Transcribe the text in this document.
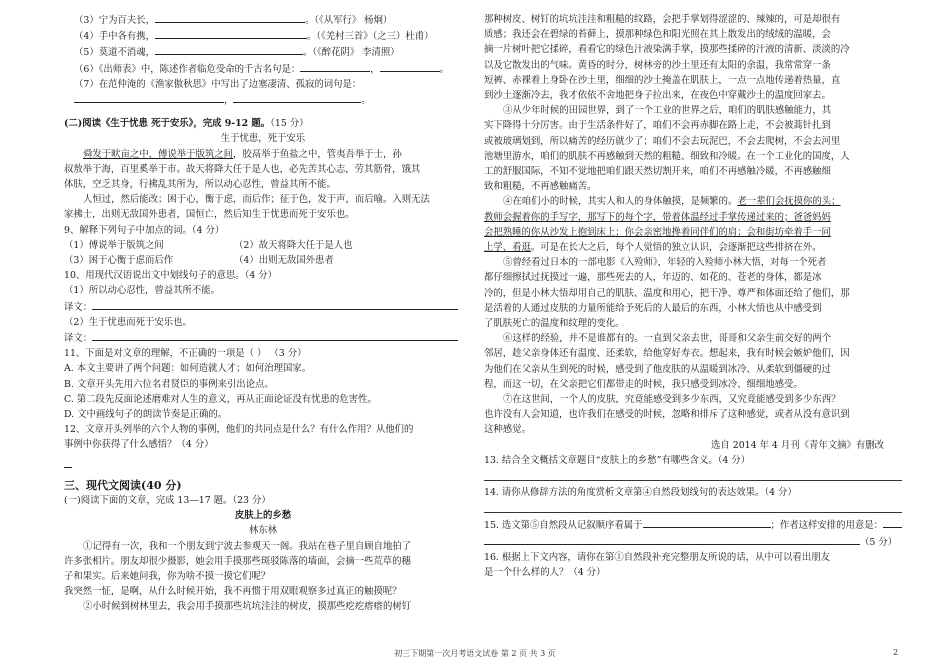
（3）宁为百夫长，	。（《从军行》 杨炯）
（4）手中各有携，	。（《羌村三首》（之三）杜甫）
（5）莫道不消魂，	。（《醉花阴》 李清照）
（6）《出师表》中，陈述作者临危受命的千古名句是：	，	。
（7）在范仲淹的《渔家傲秋思》中写出了边塞凄清、孤寂的词句是：
，	。
(二)阅读《生于忧患 死于安乐》，完成 9-12 题。（15 分）
生于忧患，死于安乐
舜发于畎亩之中，傅说举于版筑之间，胶鬲举于鱼盐之中，管夷吾举于士，孙
叔敖举于海，百里奚举于市。故天将降大任于是人也，必先苦其心志，劳其筋骨，饿其
体肤，空乏其身，行拂乱其所为，所以动心忍性，曾益其所不能。
人恒过，然后能改；困于心，衡于虑，而后作；征于色，发于声，而后喻。入则无法
家拂士，出则无敌国外患者，国恒亡，然后知生于忧患而死于安乐也。
9、解释下列句子中加点的词。（4 分）
（1）傅说举于版筑之间	（2）故天将降大任于是人也
（3）困于心衡于虑而后作	（4）出则无敌国外患者
10、用现代汉语说出文中划线句子的意思。（4 分）
（1）所以动心忍性，曾益其所不能。
译文：
（2）生于忧患而死于安乐也。
译文：
11、下面是对文章的理解，不正确的一项是（ ） （3 分）
A. 本文主要讲了两个问题：如何造就人才；如何治理国家。
B. 文章开头先用六位名君贤臣的事例来引出论点。
C. 第二段先反面论述磨难对人生的意义，再从正面论证没有忧患的危害性。
D. 文中画线句子的朗读节奏是正确的。
12、文章开头列举的六个人物的事例，他们的共同点是什么？有什么作用？从他们的
事例中你获得了什么感悟？（4 分）
三、现代文阅读(40 分)
(一)阅读下面的文章，完成 13—17 题。（23 分）
皮肤上的乡愁
林东林
①记得有一次，我和一个朋友到宁波去参观天一阁。我站在巷子里自顾自地拍了
许多张相片。朋友却很少摄影，她会用手摸那些斑驳陈落的墙面，会摘一些荒草的穗
子和果实。后来她问我，你为啥不摸一摸它们呢？
我突然一怔，是啊，从什么时候开始，我不再惯于用双眼观察多过真正的触摸呢？
②小时候到树林里去，我会用手摸那些坑坑洼洼的树皮，摸那些疙疙瘩瘩的树钉
那种树皮、树钉的坑坑洼洼和粗糙的纹路，会把手掌划得涩涩的、辣辣的，可是却很有
质感；我还会在碧绿的苔藓上，摸那种绿色和阳光照在其上散发出的绒绒的温暖，会
摘一片树叶把它揉碎，看看它的绿色汁液染满手掌，摸那些揉碎的汁液的清新、淡淡的冷
以及它散发出的气味。黄昏的时分，树林旁的沙土里还有太阳的余温，我常常穿一条
短裤、赤裸着上身卧在沙土里，细细的沙土掩盖在肌肤上，一点一点地传递着热量，直
到沙土逐渐冷去，我才依依不舍地把身子拉出来，在夜色中穿戴沙土的温度回家去。
③从少年时候的田园世界，到了一个工业的世界之后，咱们的肌肤感触能力，其
实下降得十分厉害。由于生活条件好了，咱们不会再赤脚在路上走，不会被蒿针扎到
或被玻璃划到，所以痛苦的经历就少了；咱们不会去玩泥巴，不会去爬树，不会去河里
池塘里游水，咱们的肌肤不再感触到天然的粗糙、细致和冷暖。在一个工业化的国度，人
工的舒服国际，不知不觉地把咱们跟天然切割开来，咱们不再感触冷暖，不再感触细
致和粗糙，不再感触痛苦。
④在咱们小的时候，其实人和人的身体触摸，是频繁的。老一辈们会抚摸你的头；
教师会握着你的手写字，那写下的每个字，带着体温经过手掌传递过来的；爸爸妈妈
会把熟睡的你从沙发上抱到床上；你会亲密地搀着同伴们的肩；会和街坊牵着手一同
上学、看逛。可是在长大之后，每个人觉悟的独立认识，会逐渐把这些排挤在外。
⑤曾经看过日本的一部电影《入殓师》，年轻的入殓师小林大悟，对每一个死者
都仔细擦拭过抚摸过一遍，那些死去的人，年迈的、如花的、苍老的身体，都是冰
冷的，但是小林大悟却用自己的肌肤、温度和用心，把干净、尊严和体面还给了他们，那
是活着的人通过皮肤的力量所能给予死后的人最后的东西，小林大悟也从中感受到
了肌肤死亡的温度和纹理的变化。
⑥这样的经验，并不是谁都有的。一直到父亲去世，哥哥和父亲生前交好的两个
邻居，趁父亲身体还有温度、还柔软，给他穿好寿衣。想起来，我有时候会嫉妒他们，因
为他们在父亲从生到死的时候，感受到了他皮肤的从温暖到冰冷、从柔软到僵硬的过
程，而这一切，在父亲把它们都带走的时候，我只感受到冰冷、细细地感受。
⑦在这世间，一个人的皮肤，究竟能感受到多少东西，又究竟能感受到多少东西？
也许没有人会知道，也许我们在感受的时候，忽略和排斥了这种感觉，或者从没有意识到
这种感觉。
选自 2014 年 4 月刊《青年文摘》有删改
13. 结合全文概括文章题目“皮肤上的乡愁”有哪些含义。（4 分）
14. 请你从修辞方法的角度赏析文章第④自然段划线句的表达效果。（4 分）
15. 选文第⑤自然段从记叙顺序看属于	；作者这样安排的用意是：
（5 分）
16. 根据上下文内容，请你在第①自然段补充完整朋友所说的话，从中可以看出朋友
是一个什么样的人？（4 分）
初三下期第一次月考语文试卷 第 2 页 共 3 页	2
